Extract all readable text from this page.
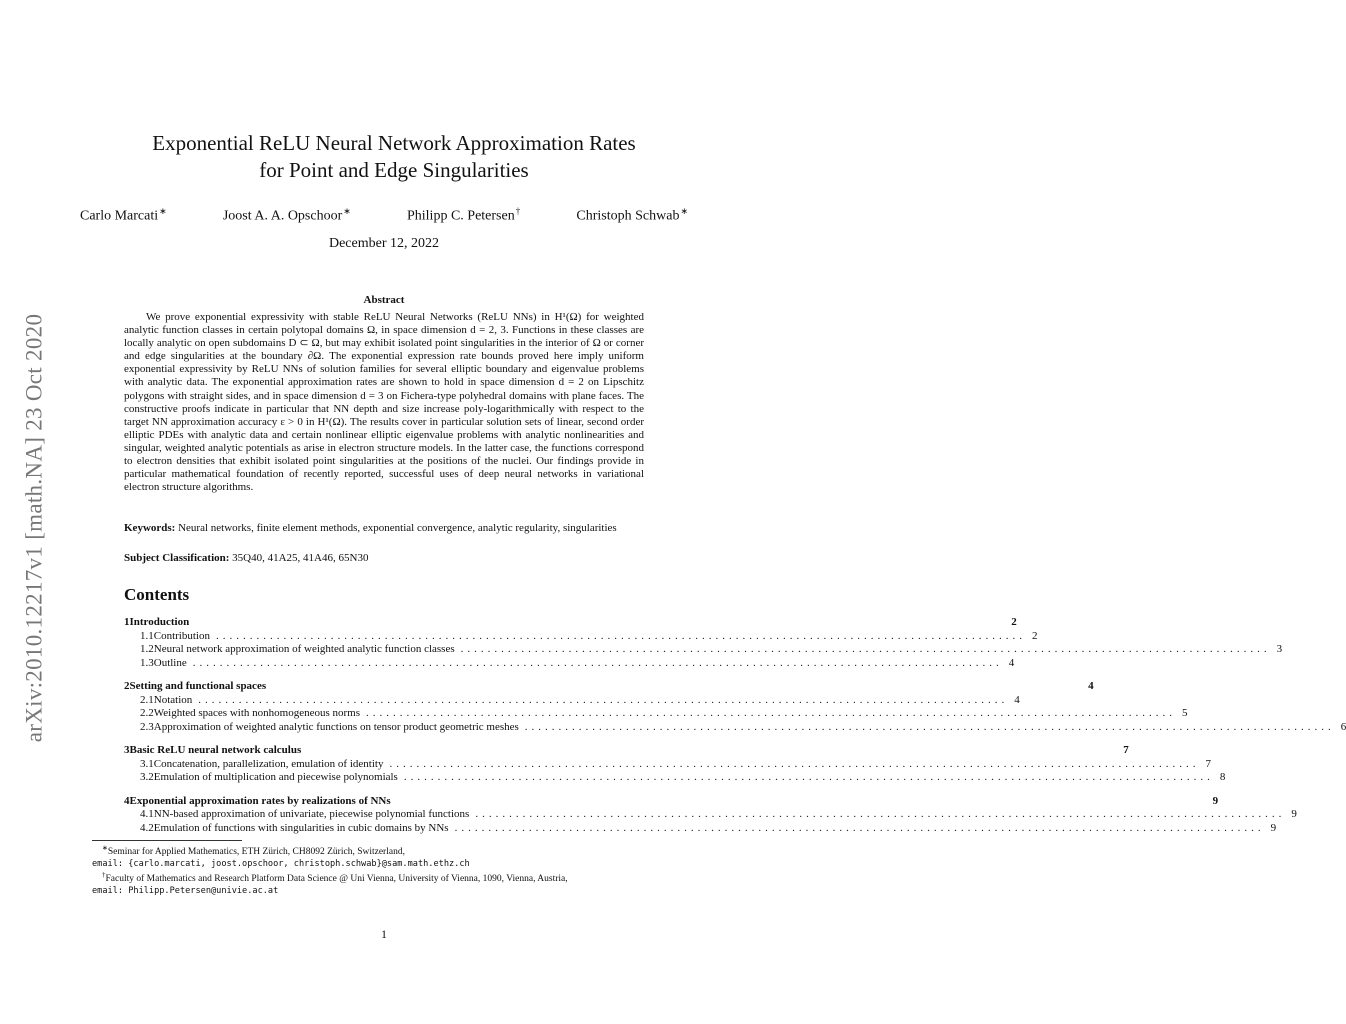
arXiv:2010.12217v1 [math.NA] 23 Oct 2020
Exponential ReLU Neural Network Approximation Rates
for Point and Edge Singularities
Carlo Marcati∗	Joost A. A. Opschoor∗	Philipp C. Petersen†	Christoph Schwab∗
December 12, 2022
Abstract
We prove exponential expressivity with stable ReLU Neural Networks (ReLU NNs) in H¹(Ω) for weighted analytic function classes in certain polytopal domains Ω, in space dimension d = 2, 3. Functions in these classes are locally analytic on open subdomains D ⊂ Ω, but may exhibit isolated point singularities in the interior of Ω or corner and edge singularities at the boundary ∂Ω. The exponential expression rate bounds proved here imply uniform exponential expressivity by ReLU NNs of solution families for several elliptic boundary and eigenvalue problems with analytic data. The exponential approximation rates are shown to hold in space dimension d = 2 on Lipschitz polygons with straight sides, and in space dimension d = 3 on Fichera-type polyhedral domains with plane faces. The constructive proofs indicate in particular that NN depth and size increase poly-logarithmically with respect to the target NN approximation accuracy ε > 0 in H¹(Ω). The results cover in particular solution sets of linear, second order elliptic PDEs with analytic data and certain nonlinear elliptic eigenvalue problems with analytic nonlinearities and singular, weighted analytic potentials as arise in electron structure models. In the latter case, the functions correspond to electron densities that exhibit isolated point singularities at the positions of the nuclei. Our findings provide in particular mathematical foundation of recently reported, successful uses of deep neural networks in variational electron structure algorithms.
Keywords: Neural networks, finite element methods, exponential convergence, analytic regularity, singularities
Subject Classification: 35Q40, 41A25, 41A46, 65N30
Contents
1 Introduction	2
1.1 Contribution ........................................................................................................................ 2
1.2 Neural network approximation of weighted analytic function classes ........................................................................................................................ 3
1.3 Outline ........................................................................................................................ 4
2 Setting and functional spaces	4
2.1 Notation ........................................................................................................................ 4
2.2 Weighted spaces with nonhomogeneous norms ........................................................................................................................ 5
2.3 Approximation of weighted analytic functions on tensor product geometric meshes ........................................................................................................................ 6
3 Basic ReLU neural network calculus	7
3.1 Concatenation, parallelization, emulation of identity ........................................................................................................................ 7
3.2 Emulation of multiplication and piecewise polynomials ........................................................................................................................ 8
4 Exponential approximation rates by realizations of NNs	9
4.1 NN-based approximation of univariate, piecewise polynomial functions ........................................................................................................................ 9
4.2 Emulation of functions with singularities in cubic domains by NNs ........................................................................................................................ 9
∗Seminar for Applied Mathematics, ETH Zürich, CH8092 Zürich, Switzerland,
email: {carlo.marcati, joost.opschoor, christoph.schwab}@sam.math.ethz.ch
†Faculty of Mathematics and Research Platform Data Science @ Uni Vienna, University of Vienna, 1090, Vienna, Austria,
email: Philipp.Petersen@univie.ac.at
1
